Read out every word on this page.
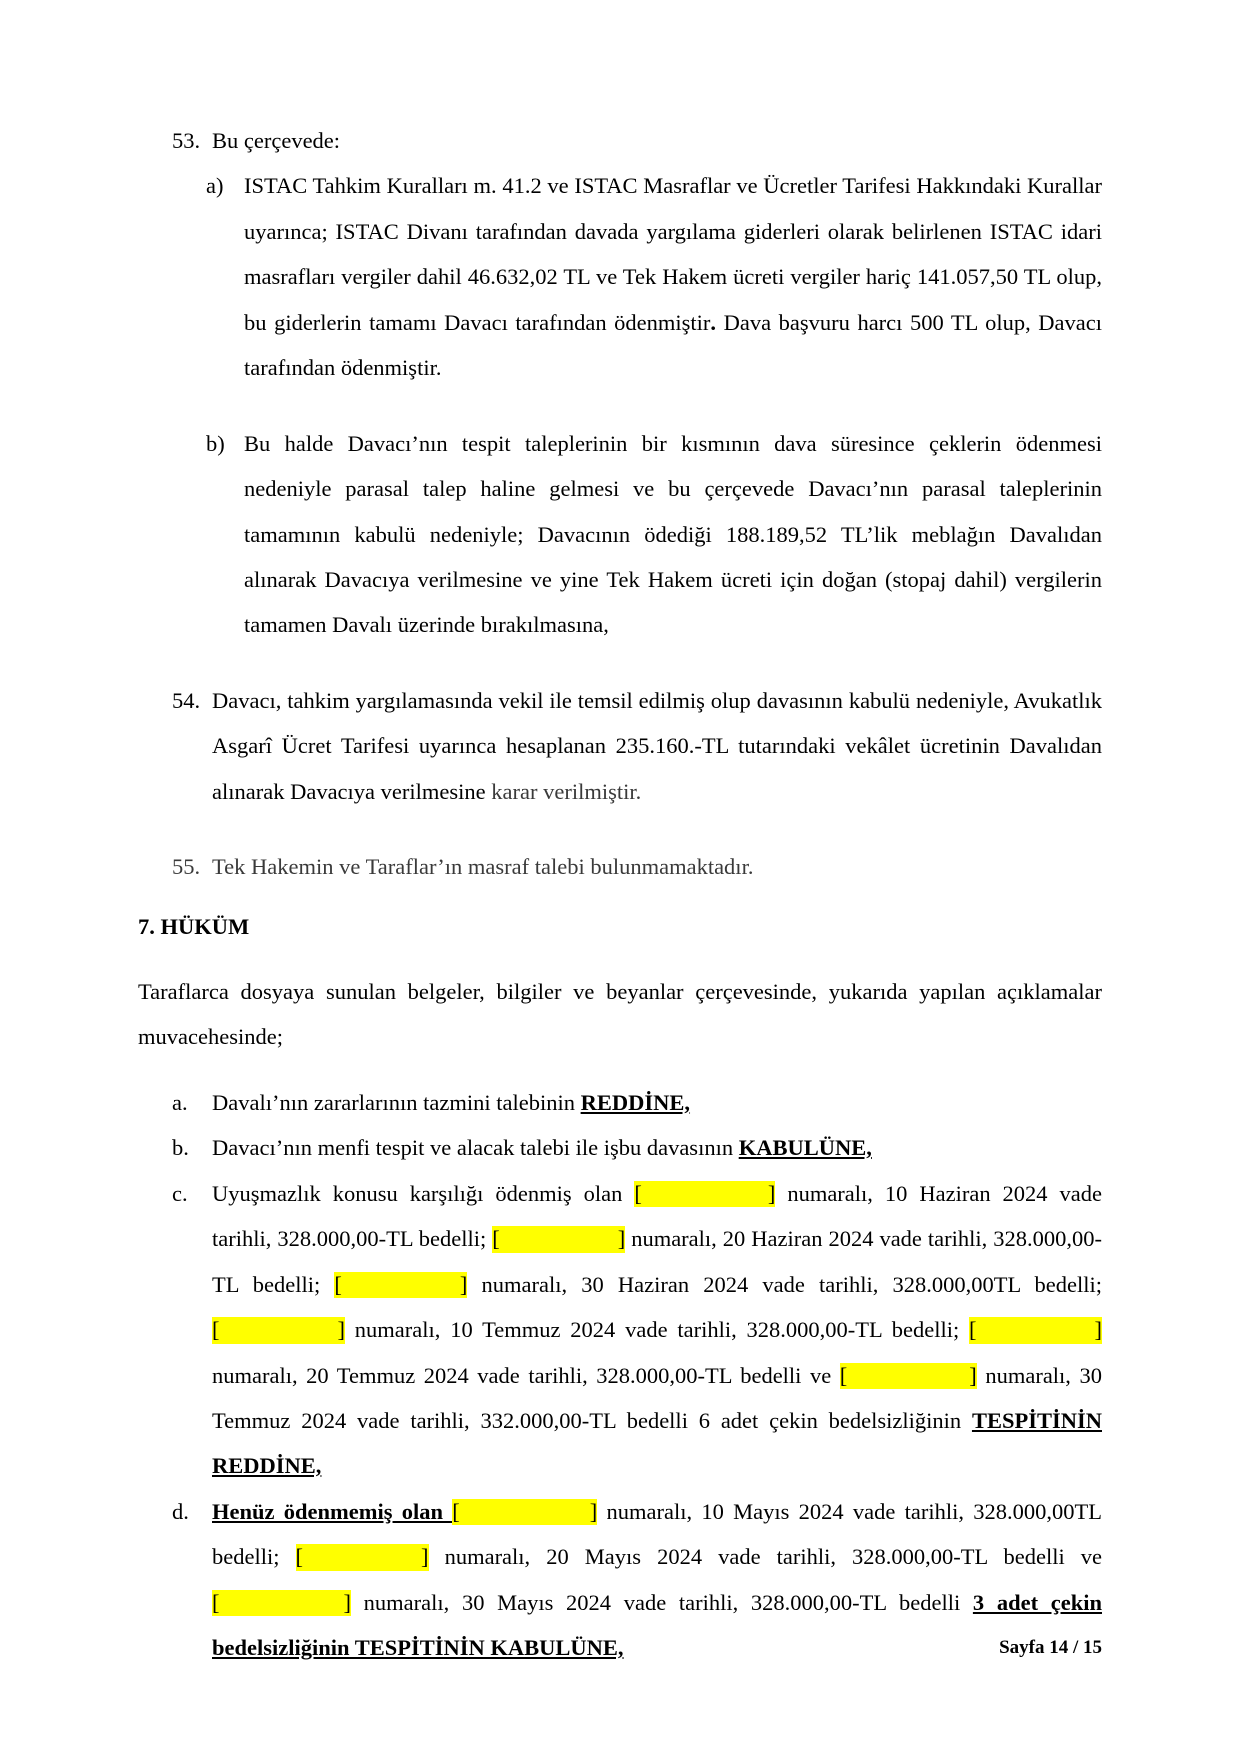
53. Bu çerçevede:
a) ISTAC Tahkim Kuralları m. 41.2 ve ISTAC Masraflar ve Ücretler Tarifesi Hakkındaki Kurallar uyarınca; ISTAC Divanı tarafından davada yargılama giderleri olarak belirlenen ISTAC idari masrafları vergiler dahil 46.632,02 TL ve Tek Hakem ücreti vergiler hariç 141.057,50 TL olup, bu giderlerin tamamı Davacı tarafından ödenmiştir. Dava başvuru harcı 500 TL olup, Davacı tarafından ödenmiştir.
b) Bu halde Davacı’nın tespit taleplerinin bir kısmının dava süresince çeklerin ödenmesi nedeniyle parasal talep haline gelmesi ve bu çerçevede Davacı’nın parasal taleplerinin tamamının kabulü nedeniyle; Davacının ödediği 188.189,52 TL’lik meblağın Davalıdan alınarak Davacıya verilmesine ve yine Tek Hakem ücreti için doğan (stopaj dahil) vergilerin tamamen Davalı üzerinde bırakılmasına,
54. Davacı, tahkim yargılamasında vekil ile temsil edilmiş olup davasının kabulü nedeniyle, Avukatlık Asgarî Ücret Tarifesi uyarınca hesaplanan 235.160.-TL tutarındaki vekâlet ücretinin Davalıdan alınarak Davacıya verilmesine karar verilmiştir.
55. Tek Hakemin ve Taraflar’ın masraf talebi bulunmamaktadır.
7. HÜKÜM

Taraflarca dosyaya sunulan belgeler, bilgiler ve beyanlar çerçevesinde, yukarıda yapılan açıklamalar muvacehesinde;

a.	Davalı’nın zararlarının tazmini talebinin REDDİNE,
b.	Davacı’nın menfi tespit ve alacak talebi ile işbu davasının KABULÜNE,
c.	Uyuşmazlık konusu karşılığı ödenmiş olan [	] numaralı, 10 Haziran 2024 vade tarihli, 328.000,00-TL bedelli; [	] numaralı, 20 Haziran 2024 vade tarihli, 328.000,00-TL bedelli; [	] numaralı, 30 Haziran 2024 vade tarihli, 328.000,00TL bedelli; [	] numaralı, 10 Temmuz 2024 vade tarihli, 328.000,00-TL bedelli; [	] numaralı, 20 Temmuz 2024 vade tarihli, 328.000,00-TL bedelli ve [	] numaralı, 30 Temmuz 2024 vade tarihli, 332.000,00-TL bedelli 6 adet çekin bedelsizliğinin TESPİTİNİN REDDİNE,
d.	Henüz ödenmemiş olan [	] numaralı, 10 Mayıs 2024 vade tarihli, 328.000,00TL bedelli; [	] numaralı, 20 Mayıs 2024 vade tarihli, 328.000,00-TL bedelli ve [	] numaralı, 30 Mayıs 2024 vade tarihli, 328.000,00-TL bedelli 3 adet çekin bedelsizliğinin TESPİTİNİN KABULÜNE,	Sayfa 14 / 15
